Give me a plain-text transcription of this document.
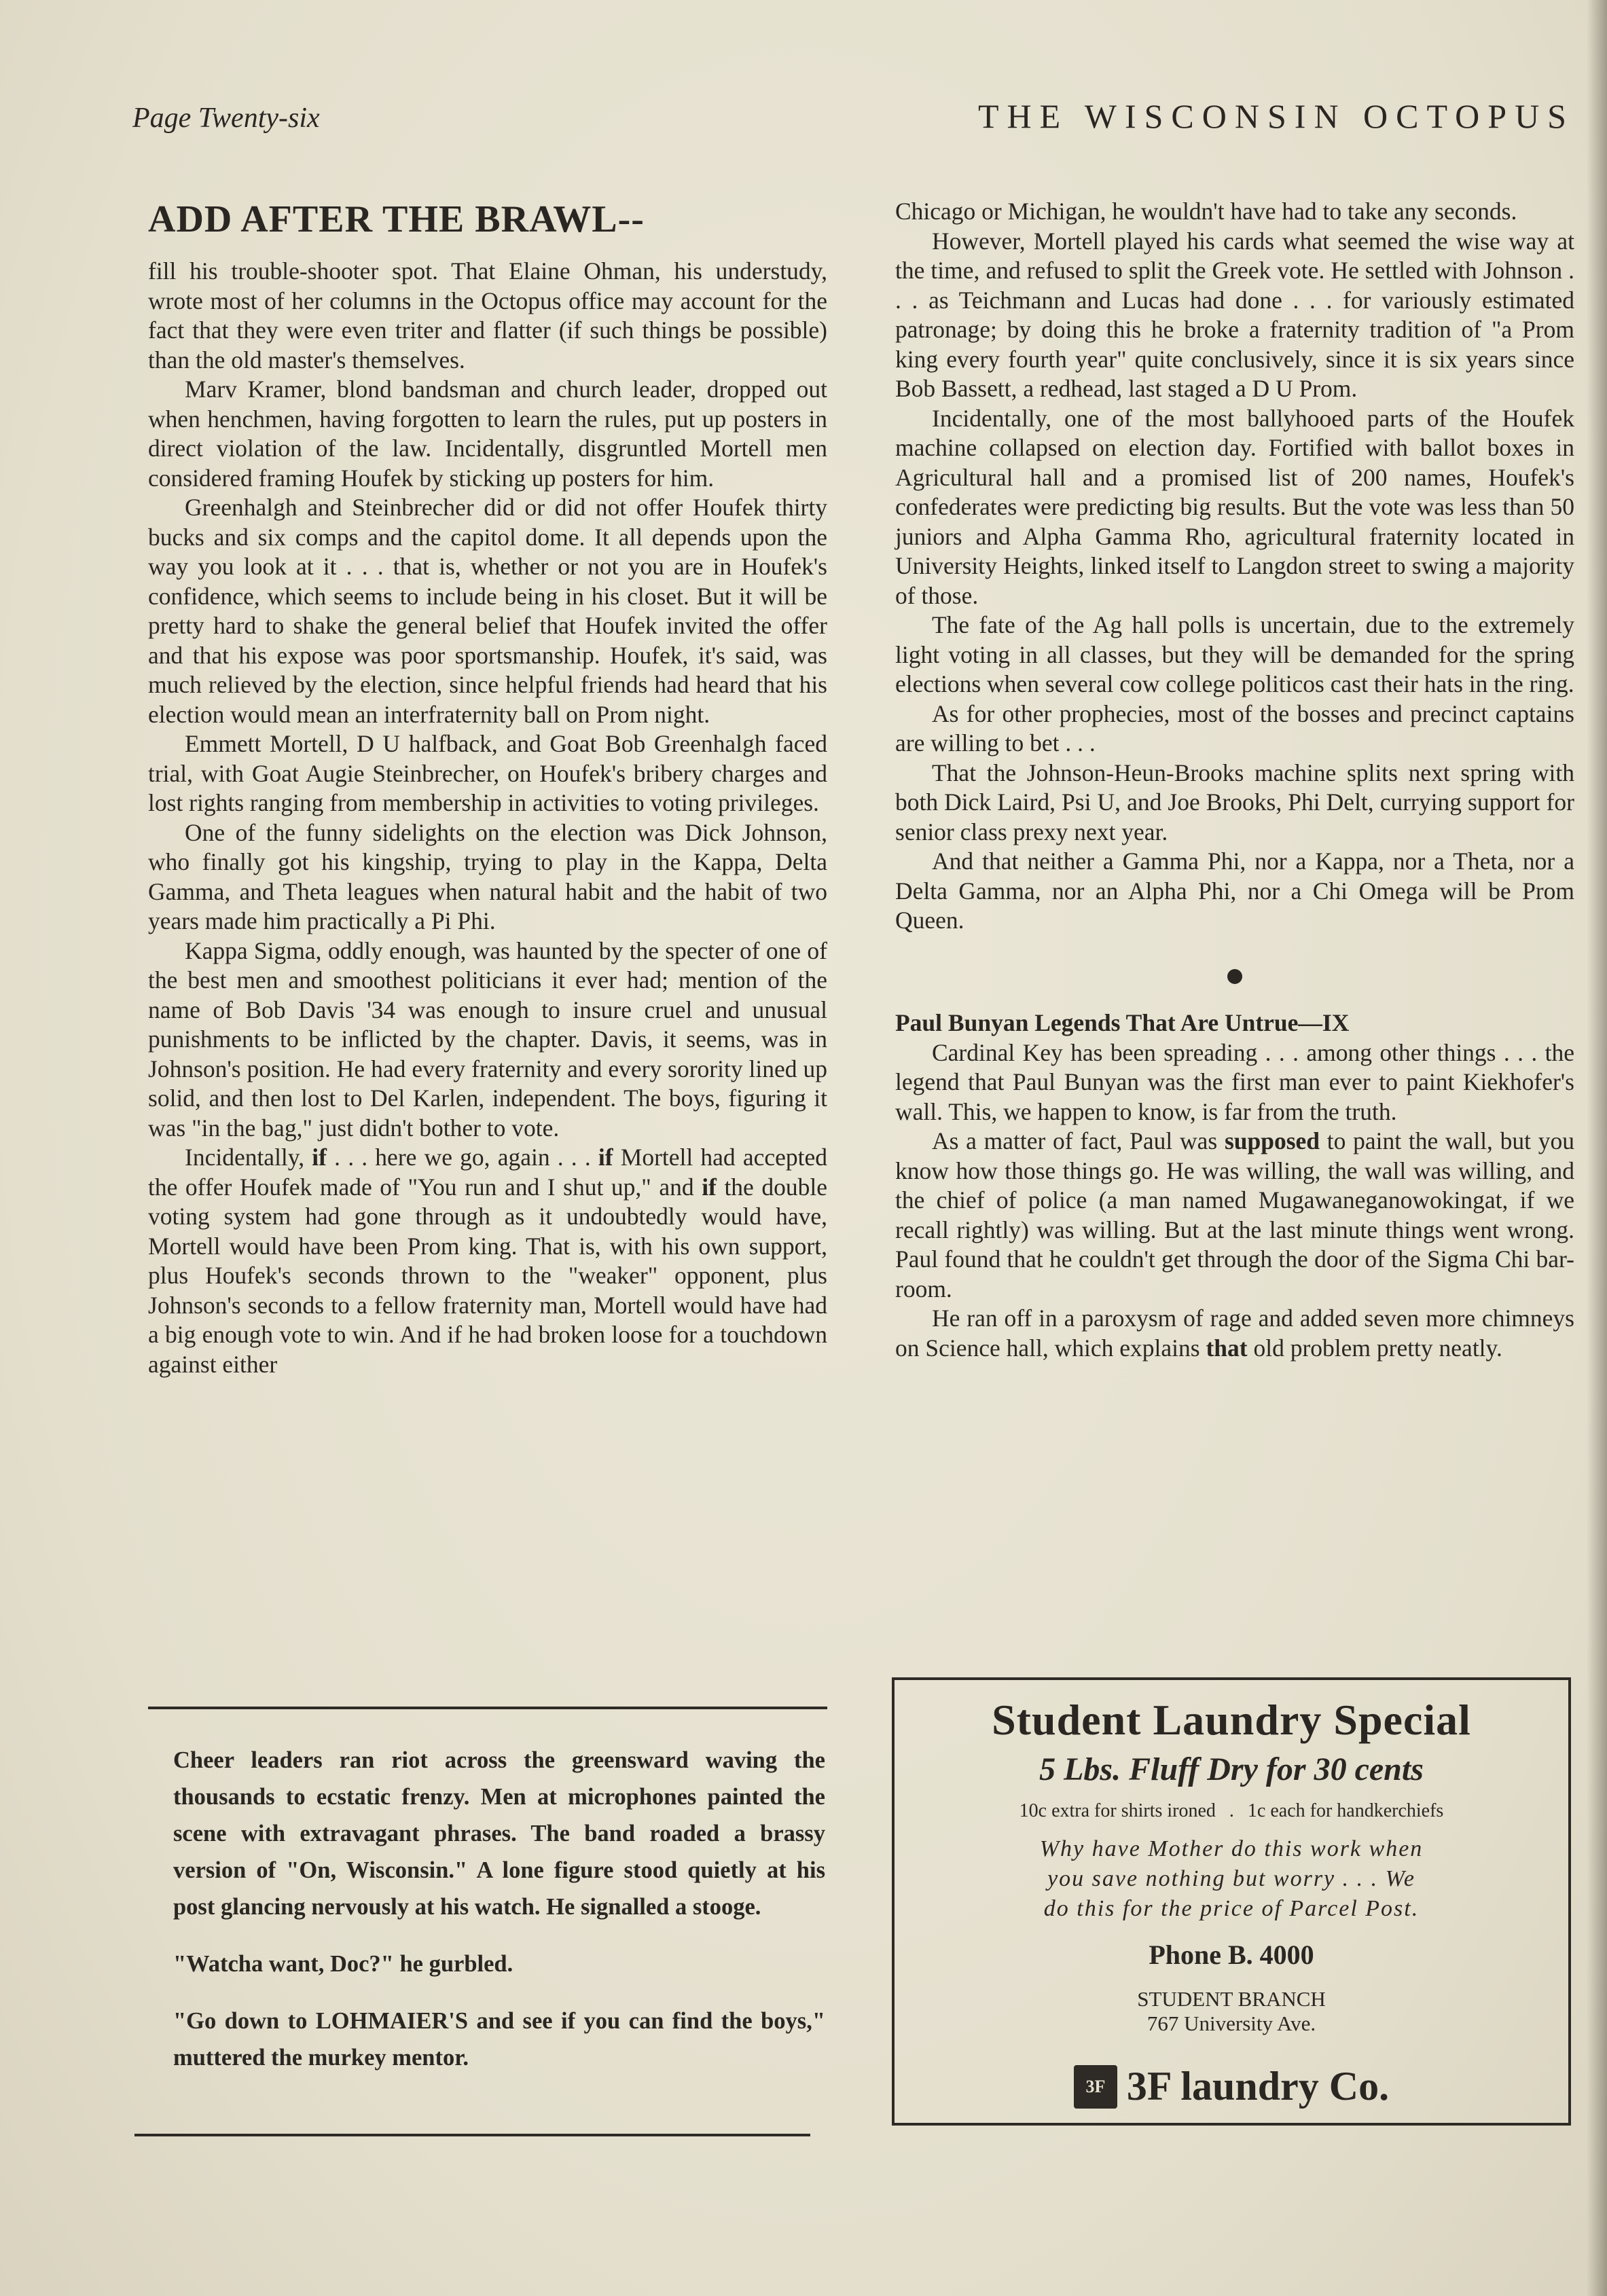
Page Twenty-six	THE WISCONSIN OCTOPUS
ADD AFTER THE BRAWL--

fill his trouble-shooter spot. That Elaine Ohman, his understudy, wrote most of her columns in the Octopus office may account for the fact that they were even triter and flatter (if such things be possible) than the old master's themselves.

Marv Kramer, blond bandsman and church leader, dropped out when henchmen, having forgotten to learn the rules, put up posters in direct violation of the law. Incidentally, disgruntled Mortell men considered framing Houfek by sticking up posters for him.

Greenhalgh and Steinbrecher did or did not offer Houfek thirty bucks and six comps and the capitol dome. It all depends upon the way you look at it . . . that is, whether or not you are in Houfek's confidence, which seems to include being in his closet. But it will be pretty hard to shake the general belief that Houfek invited the offer and that his expose was poor sportsmanship. Houfek, it's said, was much relieved by the election, since helpful friends had heard that his election would mean an interfraternity ball on Prom night.

Emmett Mortell, D U halfback, and Goat Bob Greenhalgh faced trial, with Goat Augie Steinbrecher, on Houfek's bribery charges and lost rights ranging from membership in activities to voting privileges.

One of the funny sidelights on the election was Dick Johnson, who finally got his kingship, trying to play in the Kappa, Delta Gamma, and Theta leagues when natural habit and the habit of two years made him practically a Pi Phi.

Kappa Sigma, oddly enough, was haunted by the specter of one of the best men and smoothest politicians it ever had; mention of the name of Bob Davis '34 was enough to insure cruel and unusual punishments to be inflicted by the chapter. Davis, it seems, was in Johnson's position. He had every fraternity and every sorority lined up solid, and then lost to Del Karlen, independent. The boys, figuring it was "in the bag," just didn't bother to vote.

Incidentally, if . . . here we go, again . . . if Mortell had accepted the offer Houfek made of "You run and I shut up," and if the double voting system had gone through as it undoubtedly would have, Mortell would have been Prom king. That is, with his own support, plus Houfek's seconds thrown to the "weaker" opponent, plus Johnson's seconds to a fellow fraternity man, Mortell would have had a big enough vote to win. And if he had broken loose for a touchdown against either

Chicago or Michigan, he wouldn't have had to take any seconds.

However, Mortell played his cards what seemed the wise way at the time, and refused to split the Greek vote. He settled with Johnson . . . as Teichmann and Lucas had done . . . for variously estimated patronage; by doing this he broke a fraternity tradition of "a Prom king every fourth year" quite conclusively, since it is six years since Bob Bassett, a redhead, last staged a D U Prom.

Incidentally, one of the most ballyhooed parts of the Houfek machine collapsed on election day. Fortified with ballot boxes in Agricultural hall and a promised list of 200 names, Houfek's confederates were predicting big results. But the vote was less than 50 juniors and Alpha Gamma Rho, agricultural fraternity located in University Heights, linked itself to Langdon street to swing a majority of those.

The fate of the Ag hall polls is uncertain, due to the extremely light voting in all classes, but they will be demanded for the spring elections when several cow college politicos cast their hats in the ring.

As for other prophecies, most of the bosses and precinct captains are willing to bet . . .

That the Johnson-Heun-Brooks machine splits next spring with both Dick Laird, Psi U, and Joe Brooks, Phi Delt, currying support for senior class prexy next year.

And that neither a Gamma Phi, nor a Kappa, nor a Theta, nor a Delta Gamma, nor an Alpha Phi, nor a Chi Omega will be Prom Queen.

Paul Bunyan Legends That Are Untrue—IX

Cardinal Key has been spreading . . . among other things . . . the legend that Paul Bunyan was the first man ever to paint Kiekhofer's wall. This, we happen to know, is far from the truth.

As a matter of fact, Paul was supposed to paint the wall, but you know how those things go. He was willing, the wall was willing, and the chief of police (a man named Mugawaneganowokingat, if we recall rightly) was willing. But at the last minute things went wrong. Paul found that he couldn't get through the door of the Sigma Chi bar-room.

He ran off in a paroxysm of rage and added seven more chimneys on Science hall, which explains that old problem pretty neatly.

Cheer leaders ran riot across the greensward waving the thousands to ecstatic frenzy. Men at microphones painted the scene with extravagant phrases. The band roaded a brassy version of "On, Wisconsin." A lone figure stood quietly at his post glancing nervously at his watch. He signalled a stooge.

"Watcha want, Doc?" he gurbled.

"Go down to LOHMAIER'S and see if you can find the boys," muttered the murkey mentor.

Student Laundry Special
5 Lbs. Fluff Dry for 30 cents
10c extra for shirts ironed . 1c each for handkerchiefs
Why have Mother do this work when
you save nothing but worry . . . We
do this for the price of Parcel Post.
Phone B. 4000
STUDENT BRANCH
767 University Ave.
3F 3F laundry Co.
